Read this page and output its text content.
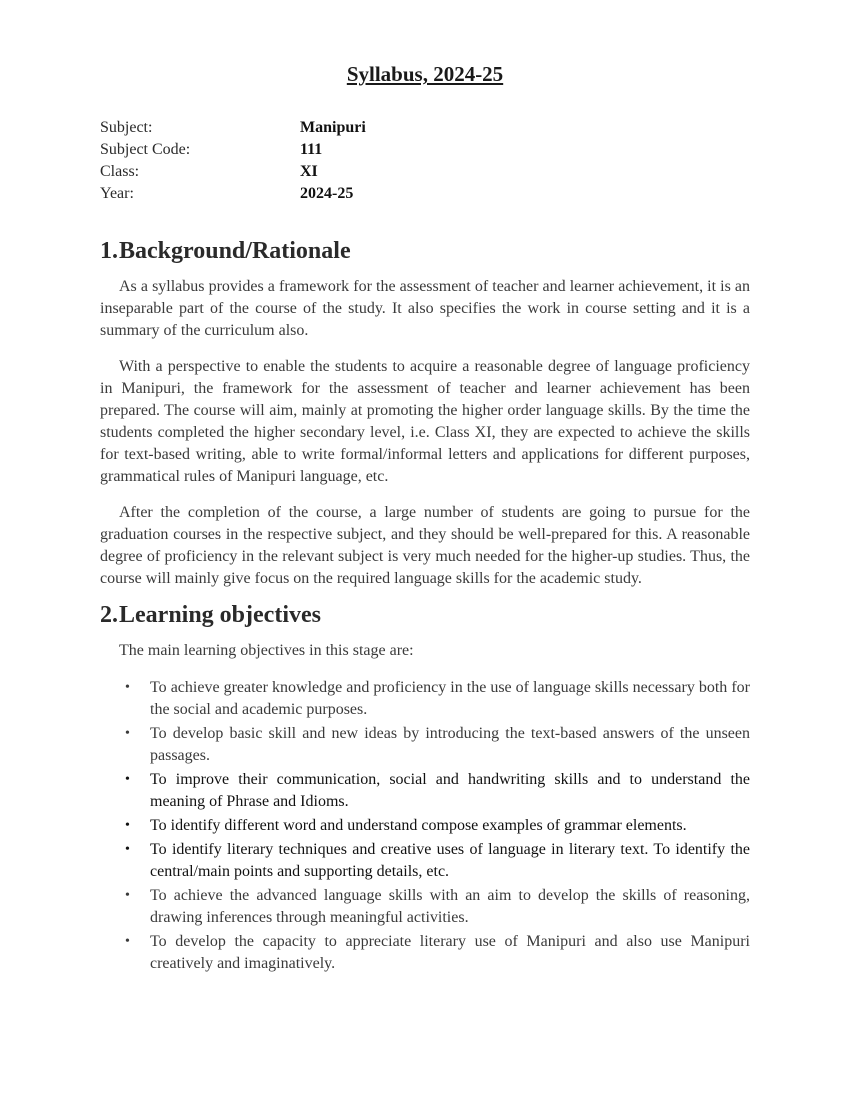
Syllabus, 2024-25
Subject:	Manipuri
Subject Code:	111
Class:	XI
Year:	2024-25
1.Background/Rationale

As a syllabus provides a framework for the assessment of teacher and learner achievement, it is an inseparable part of the course of the study. It also specifies the work in course setting and it is a summary of the curriculum also.

With a perspective to enable the students to acquire a reasonable degree of language proficiency in Manipuri, the framework for the assessment of teacher and learner achievement has been prepared. The course will aim, mainly at promoting the higher order language skills. By the time the students completed the higher secondary level, i.e. Class XI, they are expected to achieve the skills for text-based writing, able to write formal/informal letters and applications for different purposes, grammatical rules of Manipuri language, etc.

After the completion of the course, a large number of students are going to pursue for the graduation courses in the respective subject, and they should be well-prepared for this. A reasonable degree of proficiency in the relevant subject is very much needed for the higher-up studies. Thus, the course will mainly give focus on the required language skills for the academic study.

2.Learning objectives

The main learning objectives in this stage are:

• To achieve greater knowledge and proficiency in the use of language skills necessary both for the social and academic purposes.
• To develop basic skill and new ideas by introducing the text-based answers of the unseen passages.
• To improve their communication, social and handwriting skills and to understand the meaning of Phrase and Idioms.
• To identify different word and understand compose examples of grammar elements.
• To identify literary techniques and creative uses of language in literary text. To identify the central/main points and supporting details, etc.
• To achieve the advanced language skills with an aim to develop the skills of reasoning, drawing inferences through meaningful activities.
• To develop the capacity to appreciate literary use of Manipuri and also use Manipuri creatively and imaginatively.
